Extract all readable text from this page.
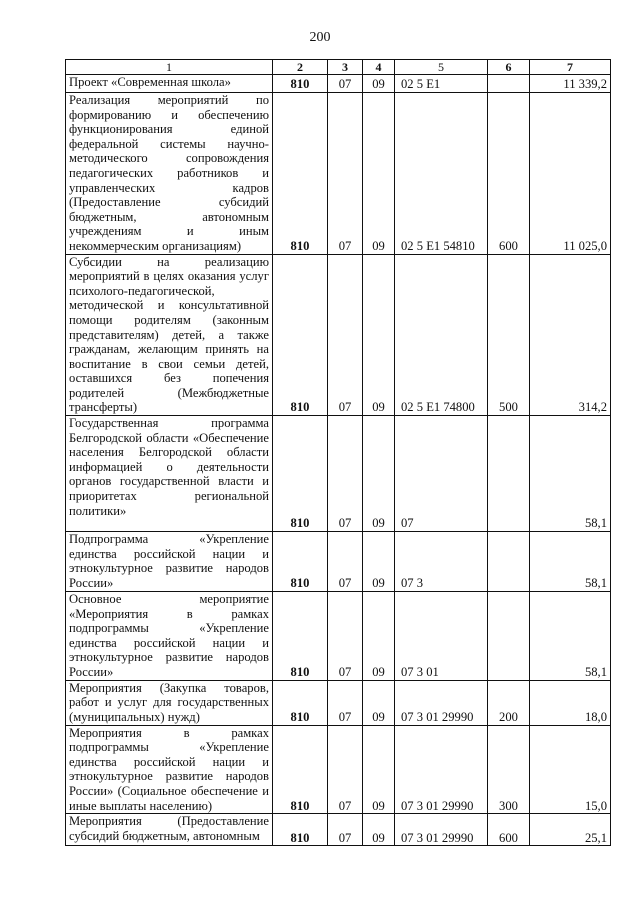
200
1	2	3	4	5	6	7
Проект «Современная школа»	810	07	09	02 5 E1		11 339,2
Реализация мероприятий по формированию и обеспечению функционирования единой федеральной системы научно-методического сопровождения педагогических работников и управленческих кадров (Предоставление субсидий бюджетным, автономным учреждениям и иным некоммерческим организациям)	810	07	09	02 5 E1 54810	600	11 025,0
Субсидии на реализацию мероприятий в целях оказания услуг психолого-педагогической, методической и консультативной помощи родителям (законным представителям) детей, а также гражданам, желающим принять на воспитание в свои семьи детей, оставшихся без попечения родителей (Межбюджетные трансферты)	810	07	09	02 5 E1 74800	500	314,2
Государственная программа Белгородской области «Обеспечение населения Белгородской области информацией о деятельности органов государственной власти и приоритетах региональной политики»	810	07	09	07		58,1
Подпрограмма «Укрепление единства российской нации и этнокультурное развитие народов России»	810	07	09	07 3		58,1
Основное мероприятие «Мероприятия в рамках подпрограммы «Укрепление единства российской нации и этнокультурное развитие народов России»	810	07	09	07 3 01		58,1
Мероприятия (Закупка товаров, работ и услуг для государственных (муниципальных) нужд)	810	07	09	07 3 01 29990	200	18,0
Мероприятия в рамках подпрограммы «Укрепление единства российской нации и этнокультурное развитие народов России» (Социальное обеспечение и иные выплаты населению)	810	07	09	07 3 01 29990	300	15,0
Мероприятия (Предоставление субсидий бюджетным, автономным	810	07	09	07 3 01 29990	600	25,1
